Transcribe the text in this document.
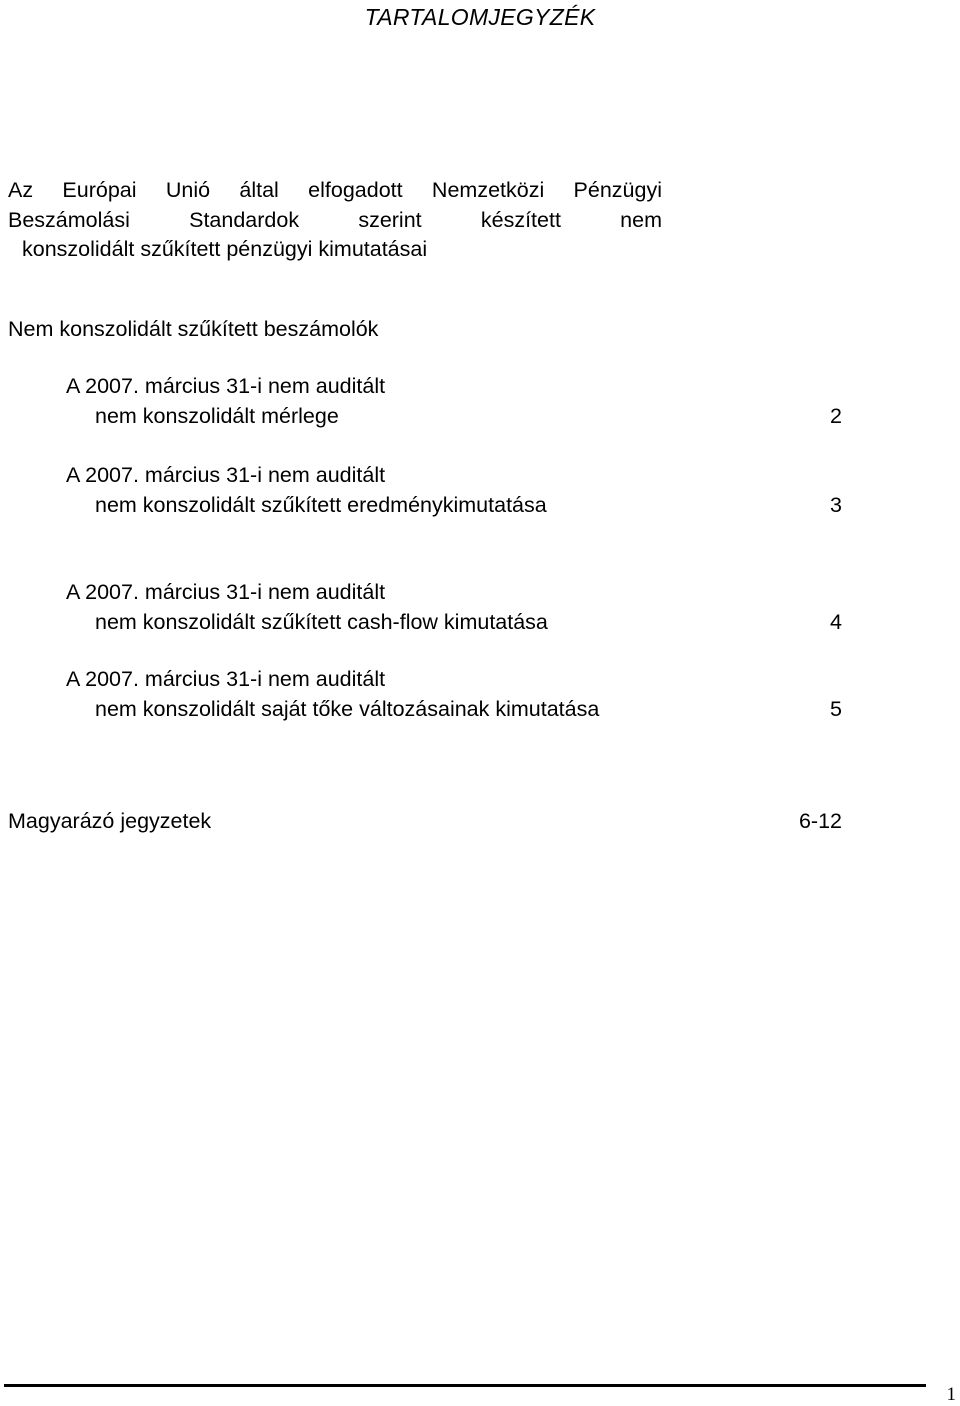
TARTALOMJEGYZÉK
Az Európai Unió által elfogadott Nemzetközi Pénzügyi
Beszámolási Standardok szerint készített nem
konszolidált szűkített pénzügyi kimutatásai
Nem konszolidált szűkített beszámolók
A 2007. március 31-i nem auditált
nem konszolidált mérlege	2
A 2007. március 31-i nem auditált
nem konszolidált szűkített eredménykimutatása	3
A 2007. március 31-i nem auditált
nem konszolidált szűkített cash-flow kimutatása	4
A 2007. március 31-i nem auditált
nem konszolidált saját tőke változásainak kimutatása	5
Magyarázó jegyzetek	6-12
1
